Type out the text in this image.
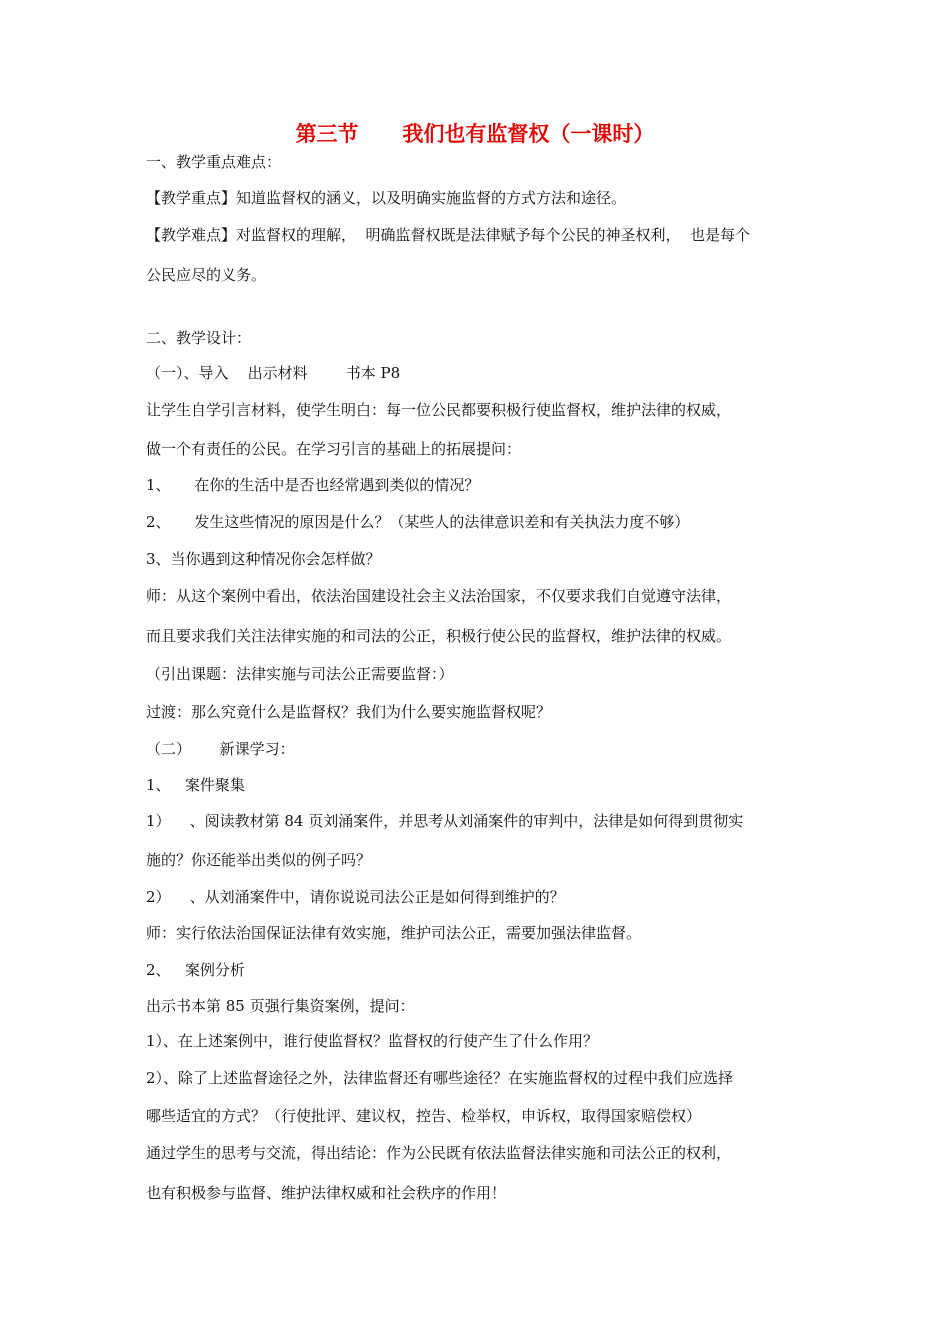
第三节      我们也有监督权（一课时）
一、教学重点难点：
【教学重点】知道监督权的涵义，以及明确实施监督的方式方法和途径。
【教学难点】对监督权的理解，  明确监督权既是法律赋予每个公民的神圣权利，  也是每个
公民应尽的义务。
二、教学设计：
（一）、导入    出示材料        书本 P8
让学生自学引言材料，使学生明白：每一位公民都要积极行使监督权，维护法律的权威，
做一个有责任的公民。在学习引言的基础上的拓展提问：
1、     在你的生活中是否也经常遇到类似的情况？
2、     发生这些情况的原因是什么？（某些人的法律意识差和有关执法力度不够）
3、当你遇到这种情况你会怎样做？
师：从这个案例中看出，依法治国建设社会主义法治国家，不仅要求我们自觉遵守法律，
而且要求我们关注法律实施的和司法的公正，积极行使公民的监督权，维护法律的权威。
（引出课题：法律实施与司法公正需要监督：）
过渡：那么究竟什么是监督权？我们为什么要实施监督权呢？
（二）      新课学习：
1、   案件聚集
1）    、阅读教材第 84 页刘涌案件，并思考从刘涌案件的审判中，法律是如何得到贯彻实
施的？你还能举出类似的例子吗？
2）    、从刘涌案件中，请你说说司法公正是如何得到维护的？
师：实行依法治国保证法律有效实施，维护司法公正，需要加强法律监督。
2、   案例分析
出示书本第 85 页强行集资案例，提问：
1）、在上述案例中，谁行使监督权？监督权的行使产生了什么作用？
2）、除了上述监督途径之外，法律监督还有哪些途径？在实施监督权的过程中我们应选择
哪些适宜的方式？（行使批评、建议权，控告、检举权，申诉权，取得国家赔偿权）
通过学生的思考与交流，得出结论：作为公民既有依法监督法律实施和司法公正的权利，
也有积极参与监督、维护法律权威和社会秩序的作用！
